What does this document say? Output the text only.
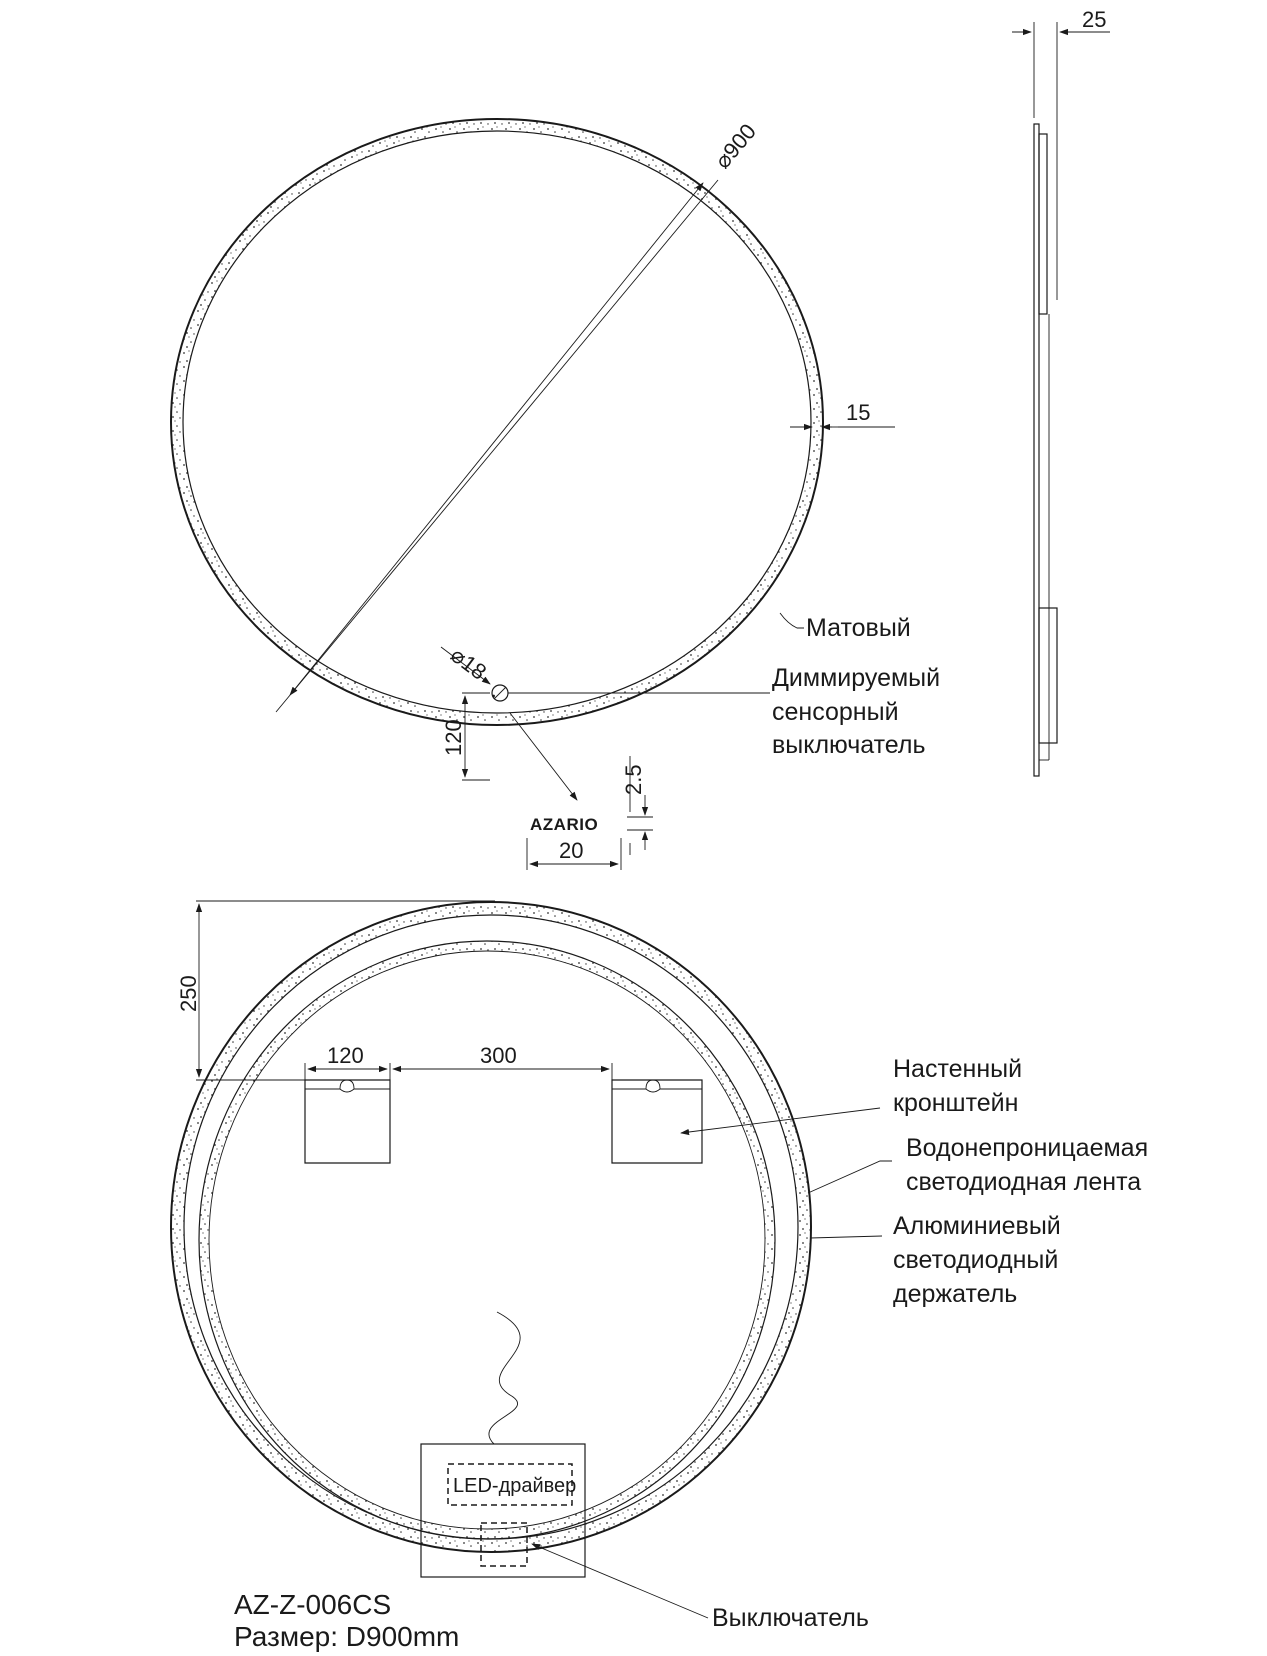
⌀900
15
Матовый
⌀18
⸱
Диммируемый
сенсорный
выключатель
120
AZARIO
2.5
20
25
250
120	300	Настенный
кронштейн
Водонепроницаемая
светодиодная лента
Алюминиевый
светодиодный
держатель
LED-драйвер
Выключатель
AZ-Z-006CS
Размер: D900mm
